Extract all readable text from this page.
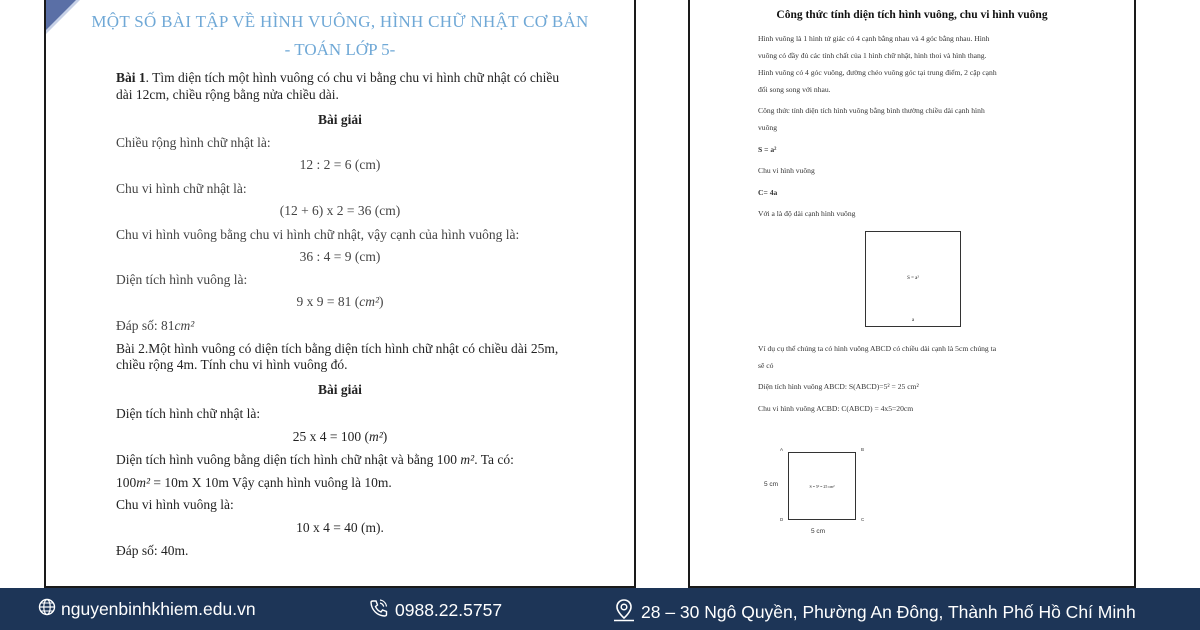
MỘT SỐ BÀI TẬP VỀ HÌNH VUÔNG, HÌNH CHỮ NHẬT CƠ BẢN
- TOÁN LỚP 5-
Bài 1. Tìm diện tích một hình vuông có chu vi bằng chu vi hình chữ nhật có chiều
dài 12cm, chiều rộng bằng nửa chiều dài.
Bài giải
Chiều rộng hình chữ nhật là:
12 : 2 = 6 (cm)
Chu vi hình chữ nhật là:
(12 + 6) x 2 = 36 (cm)
Chu vi hình vuông bằng chu vi hình chữ nhật, vậy cạnh của hình vuông là:
36 : 4 = 9 (cm)
Diện tích hình vuông là:
9 x 9 = 81 (cm²)
Đáp số: 81cm²
Bài 2.Một hình vuông có diện tích bằng diện tích hình chữ nhật có chiều dài 25m,
chiều rộng 4m. Tính chu vi hình vuông đó.
Bài giải
Diện tích hình chữ nhật là:
25 x 4 = 100 (m²)
Diện tích hình vuông bằng diện tích hình chữ nhật và bằng 100 m². Ta có:
100m² = 10m X 10m Vậy cạnh hình vuông là 10m.
Chu vi hình vuông là:
10 x 4 = 40 (m).
Đáp số: 40m.
Công thức tính diện tích hình vuông, chu vi hình vuông
Hình vuông là 1 hình tứ giác có 4 cạnh bằng nhau và 4 góc bằng nhau. Hình
vuông có đầy đủ các tính chất của 1 hình chữ nhật, hình thoi và hình thang.
Hình vuông có 4 góc vuông, đường chéo vuông góc tại trung điểm, 2 cặp cạnh
đối song song với nhau.
Công thức tính diện tích hình vuông bằng bình thường chiều dài cạnh hình
vuông
S = a²
Chu vi hình vuông
C= 4a
Với a là độ dài cạnh hình vuông
S = a²
a
Ví dụ cụ thể chúng ta có hình vuông ABCD có chiều dài cạnh là 5cm chúng ta
sẽ có
Diện tích hình vuông ABCD: S(ABCD)=5² = 25 cm²
Chu vi hình vuông ACBD: C(ABCD) = 4x5=20cm
A	B
C
D
S = 5² = 25 cm²
5 cm
5 cm
nguyenbinhkhiem.edu.vn	0988.22.5757	28 – 30 Ngô Quyền, Phường An Đông, Thành Phố Hồ Chí Minh
